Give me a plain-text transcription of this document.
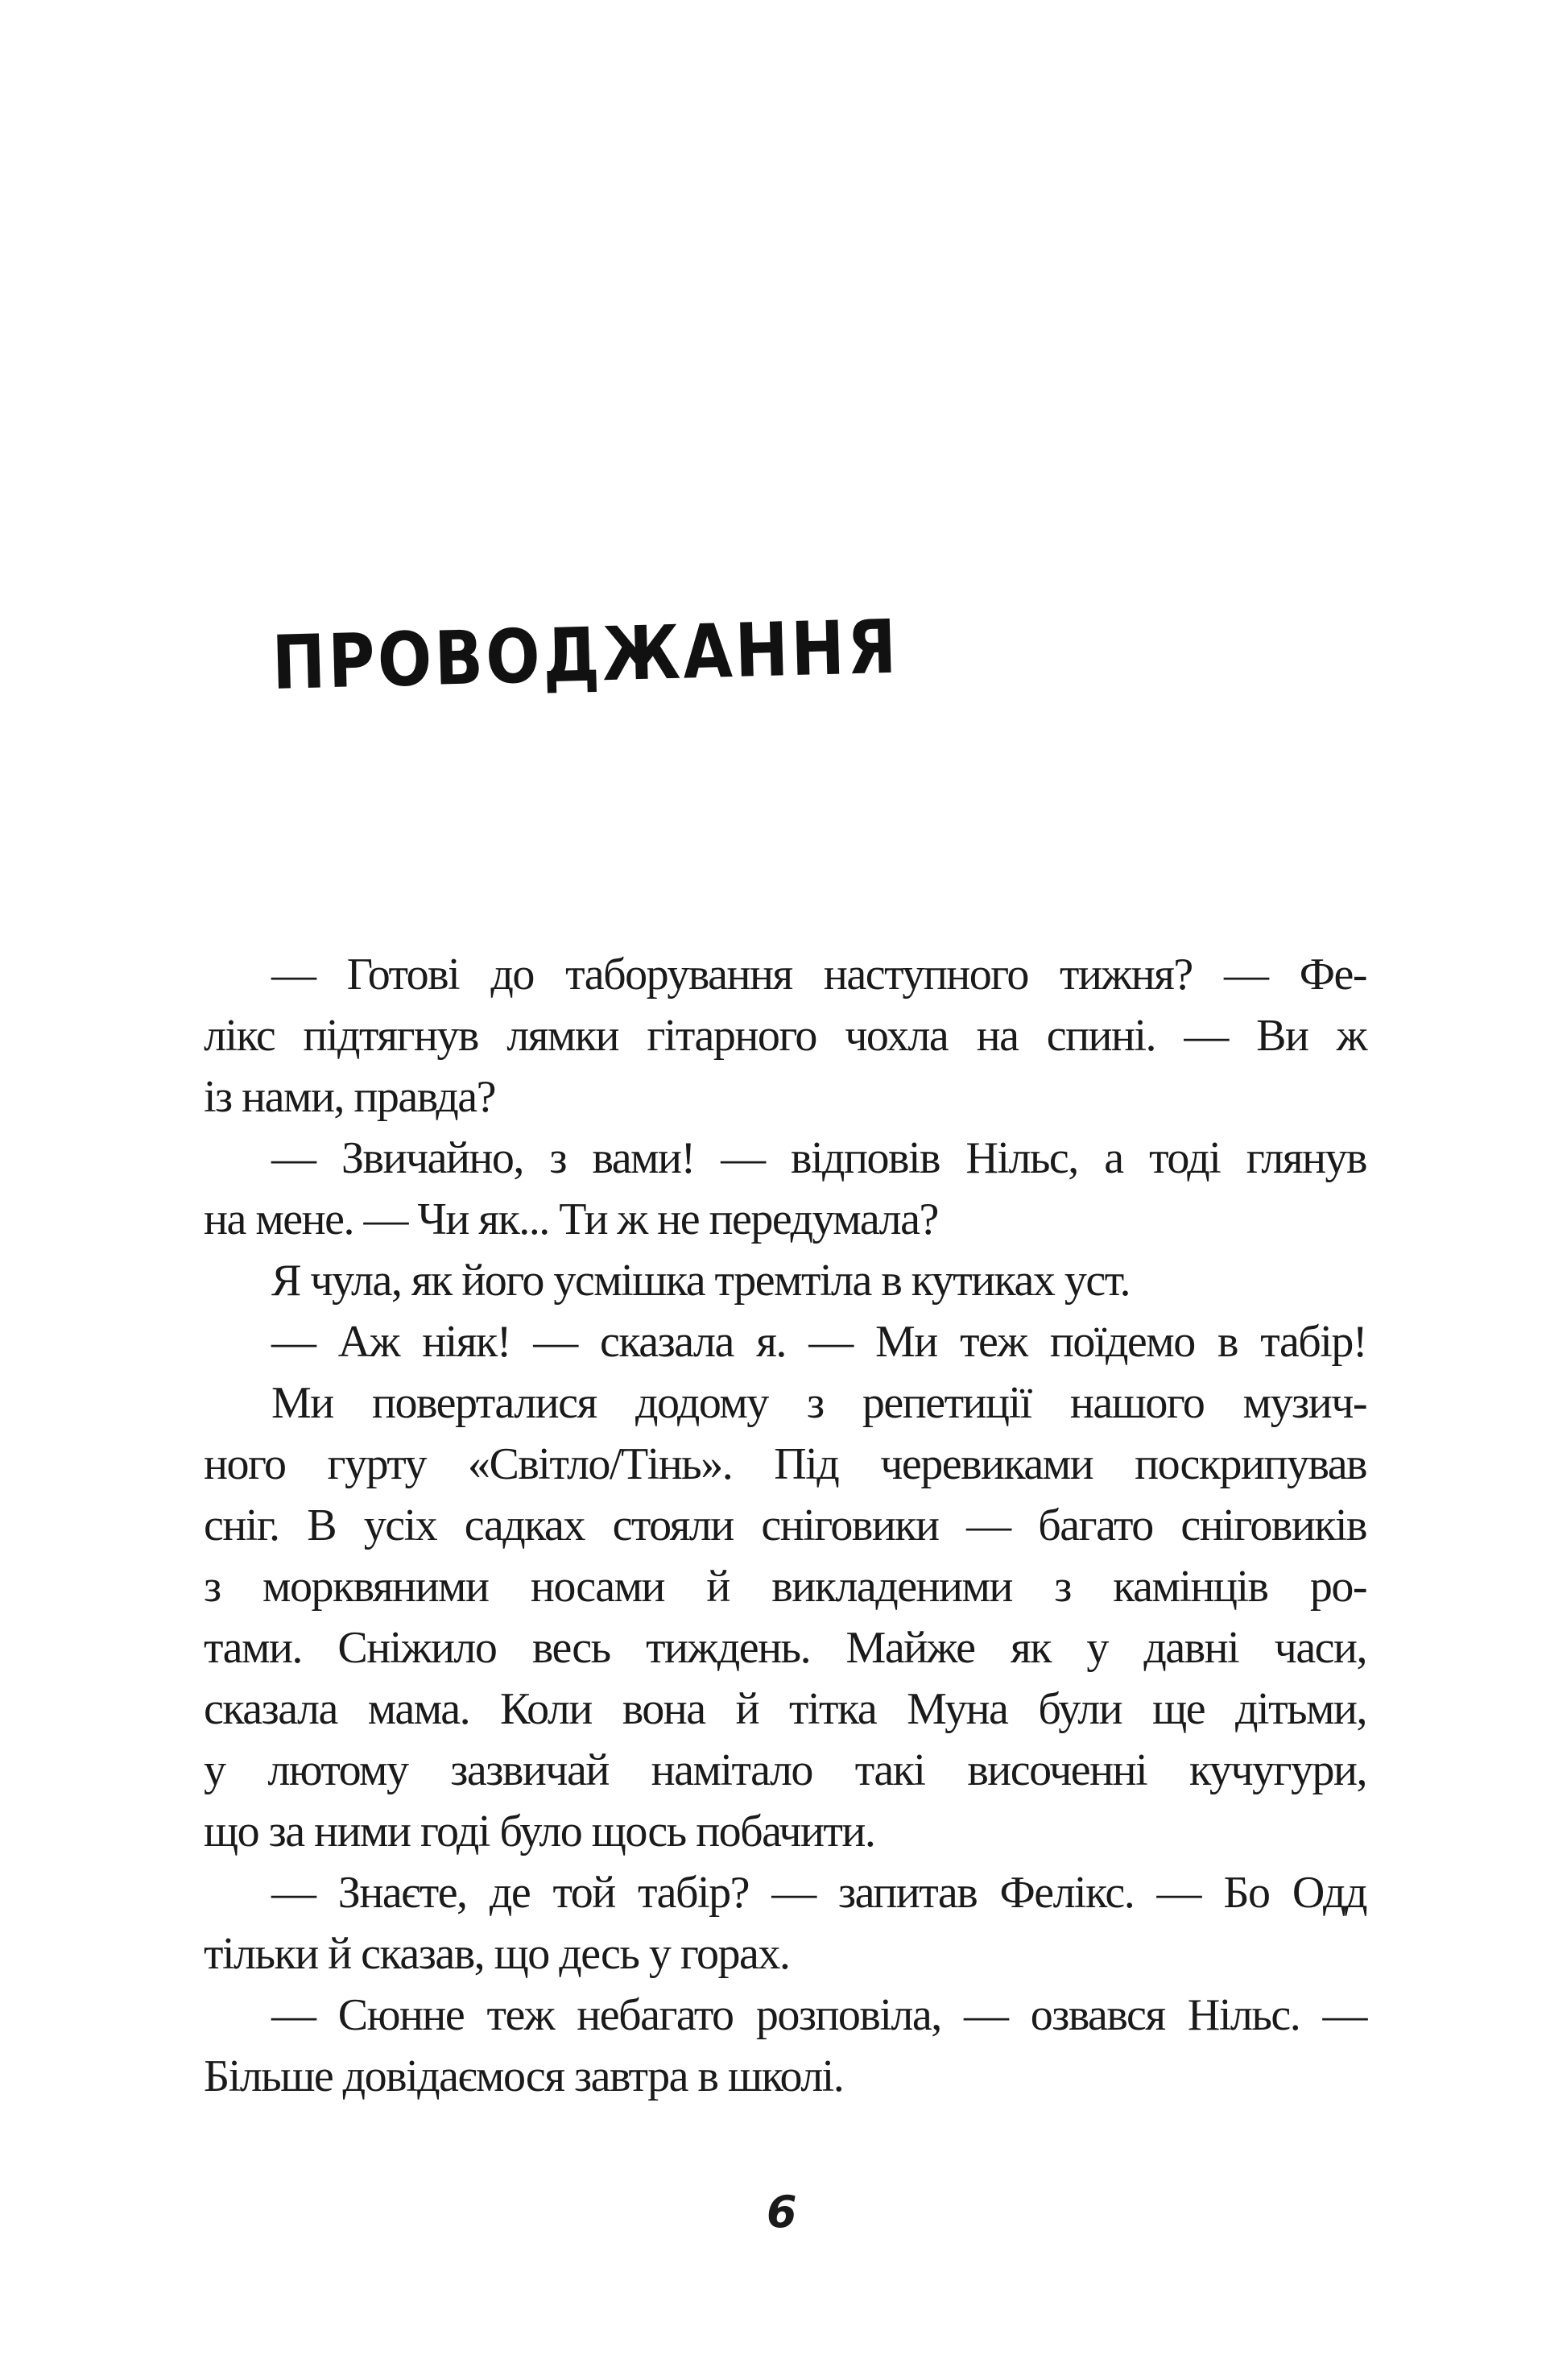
ПРОВОДЖАННЯ
— Готові до таборування наступного тижня? — Фе-
лікс підтягнув лямки гітарного чохла на спині. — Ви ж
із нами, правда?
— Звичайно, з вами! — відповів Нільс, а тоді глянув
на мене. — Чи як... Ти ж не передумала?
Я чула, як його усмішка тремтіла в кутиках уст.
— Аж ніяк! — сказала я. — Ми теж поїдемо в табір!
Ми поверталися додому з репетиції нашого музич-
ного гурту «Світло/Тінь». Під черевиками поскрипував
сніг. В усіх садках стояли сніговики — багато сніговиків
з морквяними носами й викладеними з камінців ро-
тами. Сніжило весь тиждень. Майже як у давні часи,
сказала мама. Коли вона й тітка Муна були ще дітьми,
у лютому зазвичай намітало такі височенні кучугури,
що за ними годі було щось побачити.
— Знаєте, де той табір? — запитав Фелікс. — Бо Одд
тільки й сказав, що десь у горах.
— Сюнне теж небагато розповіла, — озвався Нільс. —
Більше довідаємося завтра в школі.
6
